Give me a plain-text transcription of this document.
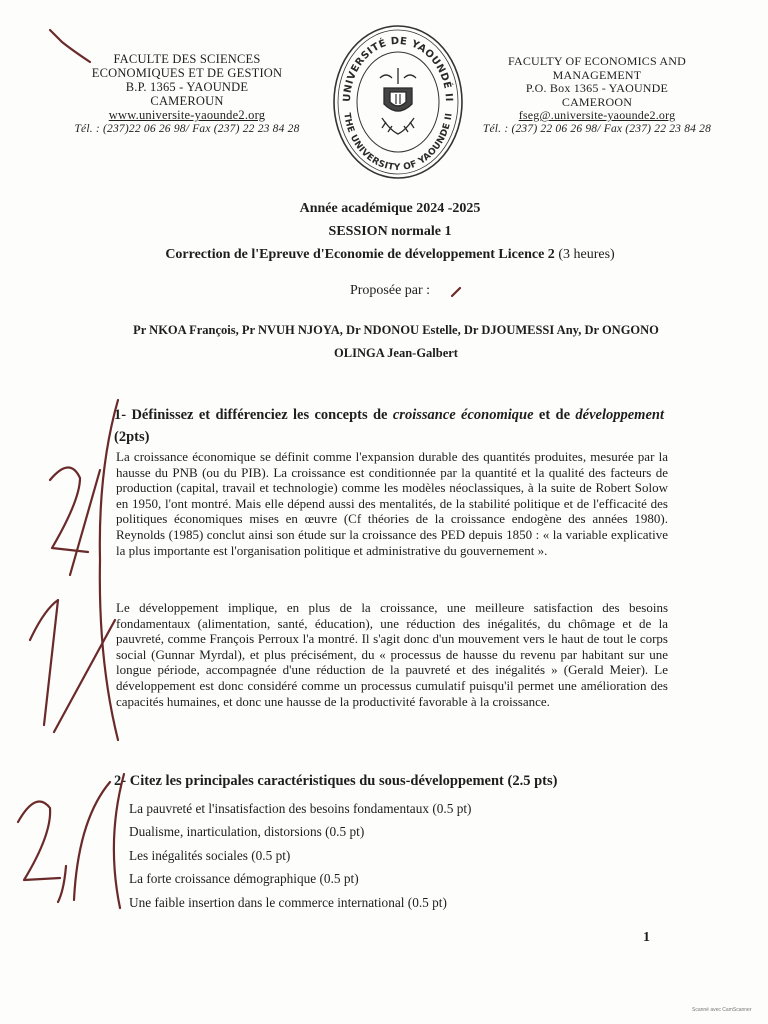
FACULTE DES SCIENCES
ECONOMIQUES ET DE GESTION
B.P. 1365 - YAOUNDE
CAMEROUN
www.universite-yaounde2.org
Tél. : (237)22 06 26 98/ Fax (237) 22 23 84 28
UNIVERSITÉ DE YAOUNDÉ II
THE UNIVERSITY OF YAOUNDE II
FACULTY OF ECONOMICS AND
MANAGEMENT
P.O. Box 1365 - YAOUNDE
CAMEROON
fseg@.universite-yaounde2.org
Tél. : (237) 22 06 26 98/ Fax (237) 22 23 84 28
Année académique 2024 -2025
SESSION normale 1
Correction de l'Epreuve d'Economie de développement Licence 2 (3 heures)
Proposée par :
Pr NKOA François, Pr NVUH NJOYA, Dr NDONOU Estelle, Dr DJOUMESSI Any, Dr ONGONO
OLINGA Jean-Galbert
1- Définissez et différenciez les concepts de croissance économique et de développement (2pts)
La croissance économique se définit comme l'expansion durable des quantités produites, mesurée par la hausse du PNB (ou du PIB). La croissance est conditionnée par la quantité et la qualité des facteurs de production (capital, travail et technologie) comme les modèles néoclassiques, à la suite de Robert Solow en 1950, l'ont montré. Mais elle dépend aussi des mentalités, de la stabilité politique et de l'efficacité des politiques économiques mises en œuvre (Cf théories de la croissance endogène des années 1980). Reynolds (1985) conclut ainsi son étude sur la croissance des PED depuis 1850 : « la variable explicative la plus importante est l'organisation politique et administrative du gouvernement ».
Le développement implique, en plus de la croissance, une meilleure satisfaction des besoins fondamentaux (alimentation, santé, éducation), une réduction des inégalités, du chômage et de la pauvreté, comme François Perroux l'a montré. Il s'agit donc d'un mouvement vers le haut de tout le corps social (Gunnar Myrdal), et plus précisément, du « processus de hausse du revenu par habitant sur une longue période, accompagnée d'une réduction de la pauvreté et des inégalités » (Gerald Meier). Le développement est donc considéré comme un processus cumulatif puisqu'il permet une amélioration des capacités humaines, et donc une hausse de la productivité favorable à la croissance.
2- Citez les principales caractéristiques du sous-développement (2.5 pts)
La pauvreté et l'insatisfaction des besoins fondamentaux (0.5 pt)
Dualisme, inarticulation, distorsions (0.5 pt)
Les inégalités sociales (0.5 pt)
La forte croissance démographique (0.5 pt)
Une faible insertion dans le commerce international (0.5 pt)
1
Scanné avec CamScanner
